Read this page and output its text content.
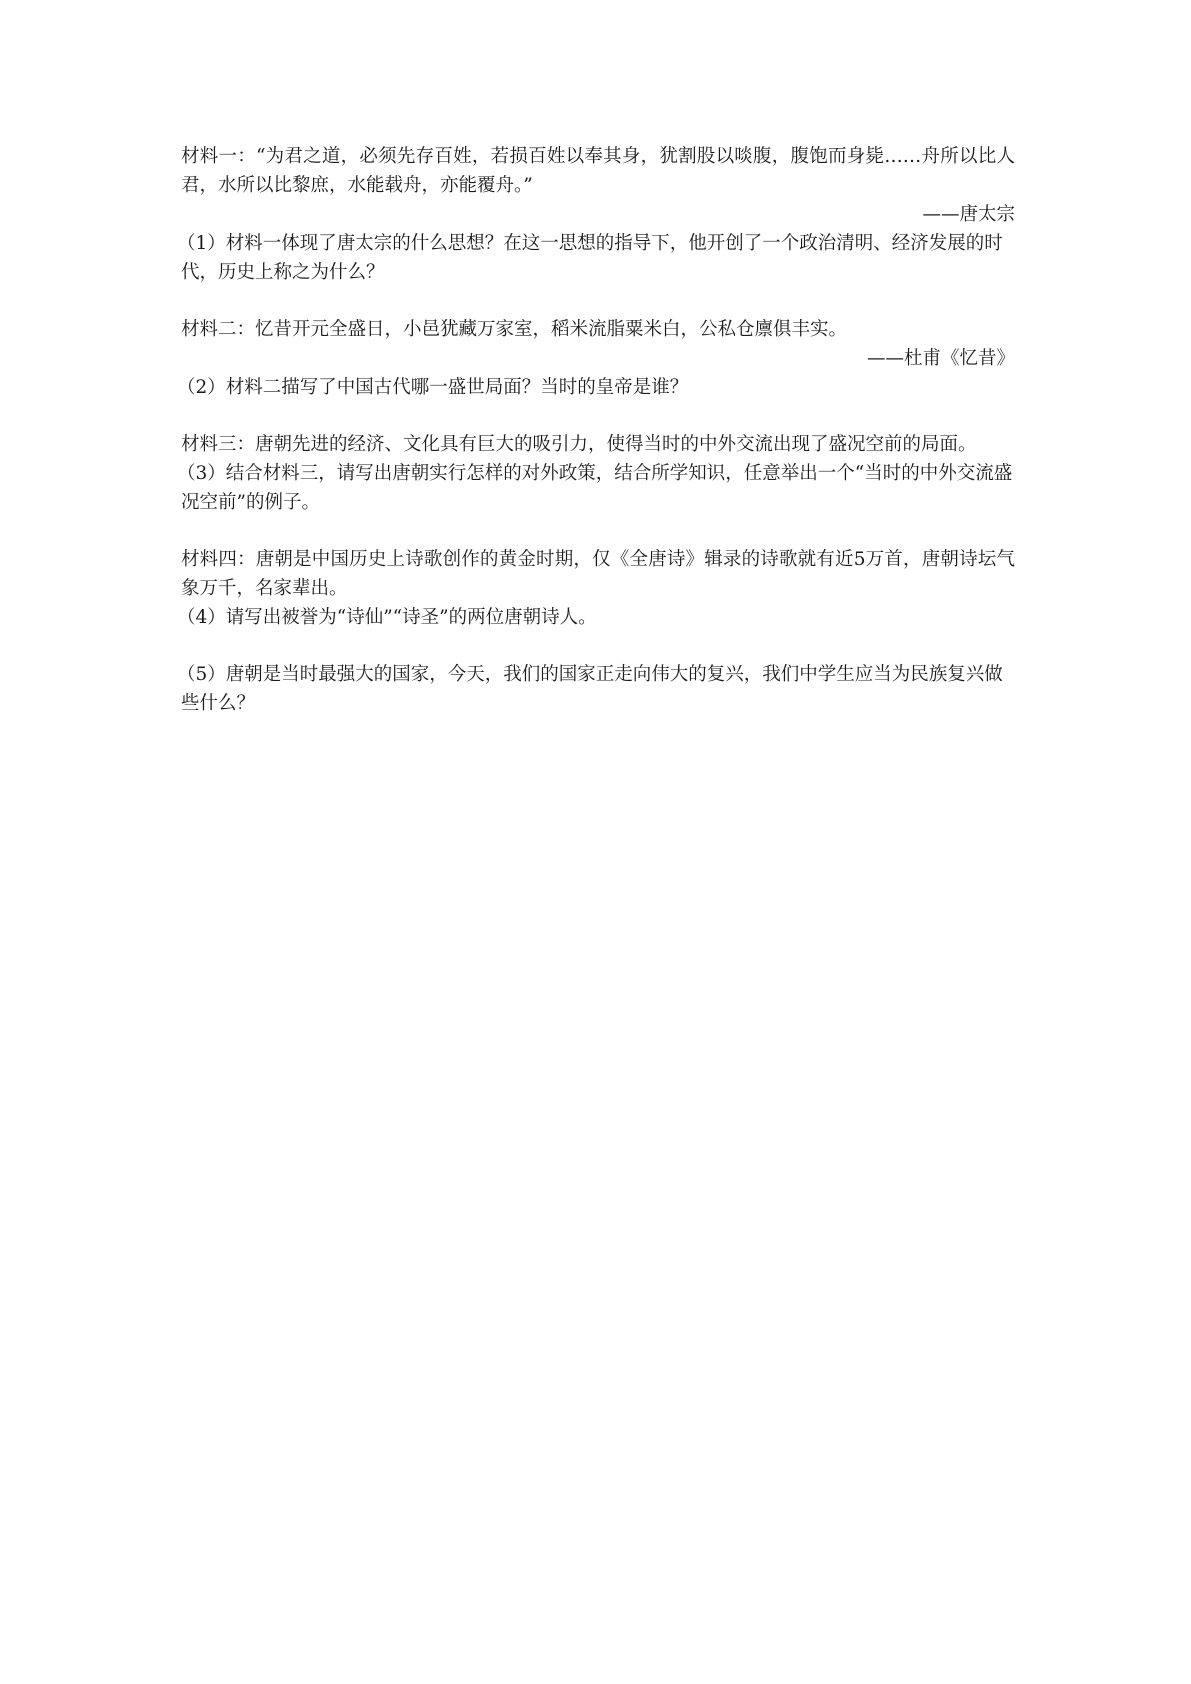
材料一：“为君之道，必须先存百姓，若损百姓以奉其身，犹割股以啖腹，腹饱而身毙……舟所以比人君，水所以比黎庶，水能载舟，亦能覆舟。”

——唐太宗

（1）材料一体现了唐太宗的什么思想？在这一思想的指导下，他开创了一个政治清明、经济发展的时代，历史上称之为什么？

材料二：忆昔开元全盛日，小邑犹藏万家室，稻米流脂粟米白，公私仓廪俱丰实。

——杜甫《忆昔》

（2）材料二描写了中国古代哪一盛世局面？当时的皇帝是谁？

材料三：唐朝先进的经济、文化具有巨大的吸引力，使得当时的中外交流出现了盛况空前的局面。

（3）结合材料三，请写出唐朝实行怎样的对外政策，结合所学知识，任意举出一个“当时的中外交流盛况空前”的例子。

材料四：唐朝是中国历史上诗歌创作的黄金时期，仅《全唐诗》辑录的诗歌就有近5万首，唐朝诗坛气象万千，名家辈出。

（4）请写出被誉为“诗仙”“诗圣”的两位唐朝诗人。

（5）唐朝是当时最强大的国家，今天，我们的国家正走向伟大的复兴，我们中学生应当为民族复兴做些什么？
